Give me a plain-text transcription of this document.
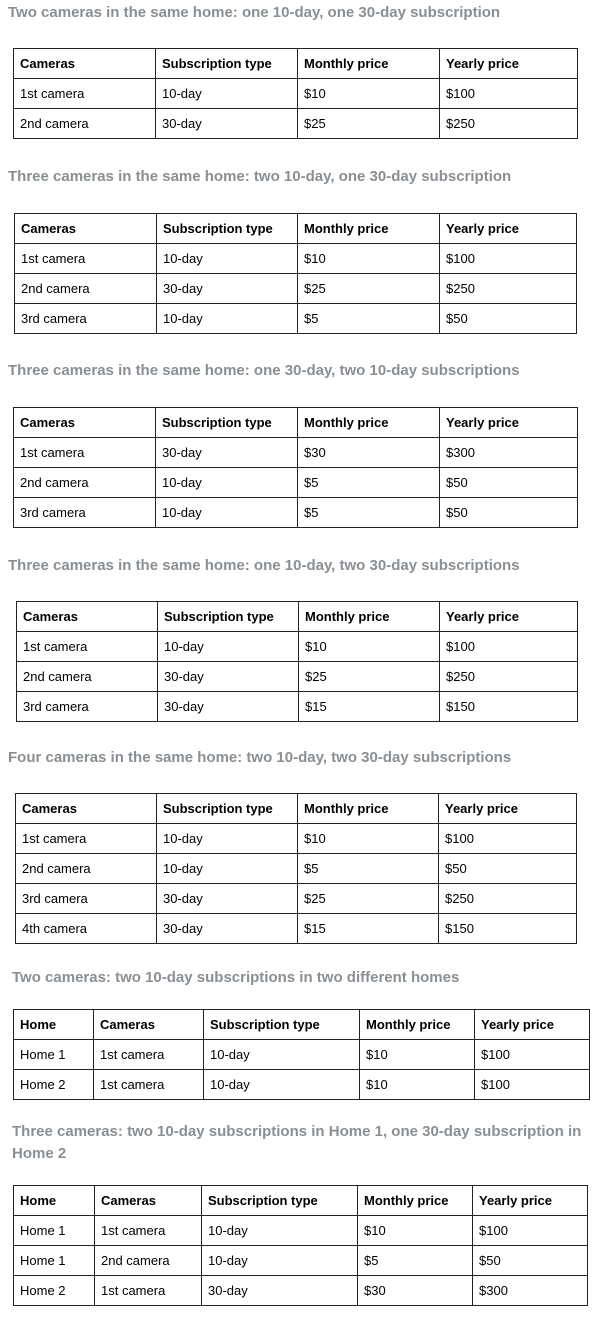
Two cameras in the same home: one 10-day, one 30-day subscription
Cameras	Subscription type	Monthly price	Yearly price
1st camera	10-day	$10	$100
2nd camera	30-day	$25	$250
Three cameras in the same home: two 10-day, one 30-day subscription
Cameras	Subscription type	Monthly price	Yearly price
1st camera	10-day	$10	$100
2nd camera	30-day	$25	$250
3rd camera	10-day	$5	$50
Three cameras in the same home: one 30-day, two 10-day subscriptions
Cameras	Subscription type	Monthly price	Yearly price
1st camera	30-day	$30	$300
2nd camera	10-day	$5	$50
3rd camera	10-day	$5	$50
Three cameras in the same home: one 10-day, two 30-day subscriptions
Cameras	Subscription type	Monthly price	Yearly price
1st camera	10-day	$10	$100
2nd camera	30-day	$25	$250
3rd camera	30-day	$15	$150
Four cameras in the same home: two 10-day, two 30-day subscriptions
Cameras	Subscription type	Monthly price	Yearly price
1st camera	10-day	$10	$100
2nd camera	10-day	$5	$50
3rd camera	30-day	$25	$250
4th camera	30-day	$15	$150
Two cameras: two 10-day subscriptions in two different homes
Home	Cameras	Subscription type	Monthly price	Yearly price
Home 1	1st camera	10-day	$10	$100
Home 2	1st camera	10-day	$10	$100
Three cameras: two 10-day subscriptions in Home 1, one 30-day subscription in Home 2
Home	Cameras	Subscription type	Monthly price	Yearly price
Home 1	1st camera	10-day	$10	$100
Home 1	2nd camera	10-day	$5	$50
Home 2	1st camera	30-day	$30	$300
